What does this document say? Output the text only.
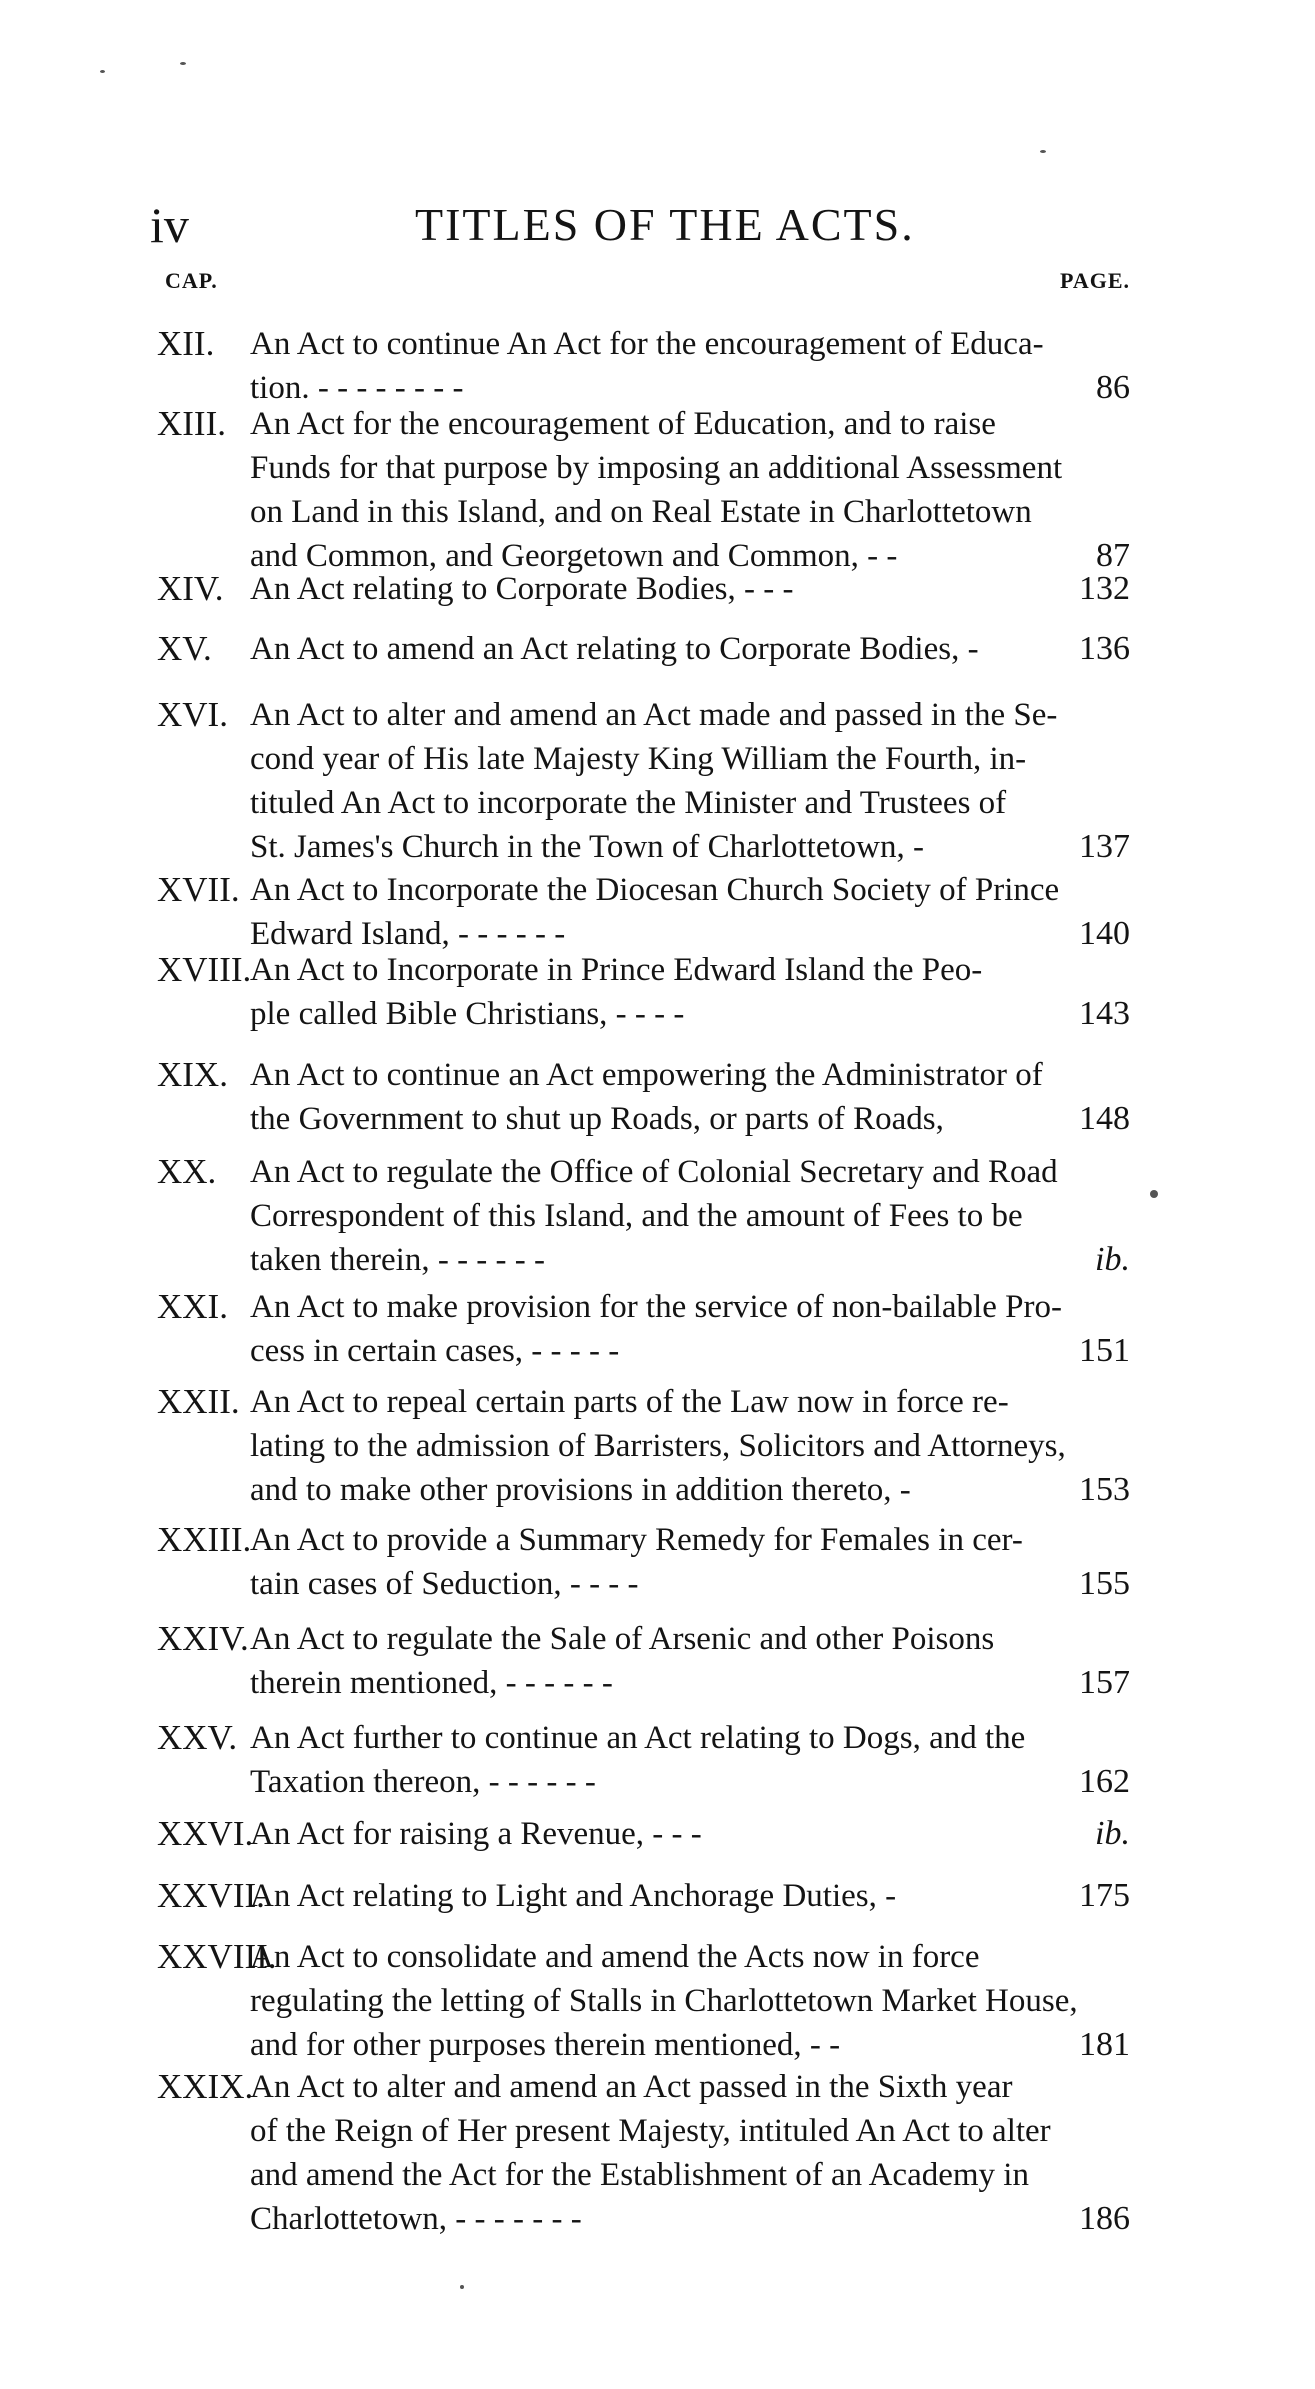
iv	TITLES OF THE ACTS.
CAP.	PAGE.
XII. An Act to continue An Act for the encouragement of Educa-
tion. - - - - - - - -	86
XIII. An Act for the encouragement of Education, and to raise
Funds for that purpose by imposing an additional Assessment
on Land in this Island, and on Real Estate in Charlottetown
and Common, and Georgetown and Common, - -	87
XIV. An Act relating to Corporate Bodies, - - -	132
XV. An Act to amend an Act relating to Corporate Bodies, -	136
XVI. An Act to alter and amend an Act made and passed in the Se-
cond year of His late Majesty King William the Fourth, in-
tituled An Act to incorporate the Minister and Trustees of
St. James's Church in the Town of Charlottetown, -	137
XVII. An Act to Incorporate the Diocesan Church Society of Prince
Edward Island, - - - - - -	140
XVIII.
An Act to Incorporate in Prince Edward Island the Peo-
ple called Bible Christians, - - - -	143
XIX. An Act to continue an Act empowering the Administrator of
the Government to shut up Roads, or parts of Roads,	148
XX. An Act to regulate the Office of Colonial Secretary and Road
Correspondent of this Island, and the amount of Fees to be
taken therein, - - - - - -	ib.
XXI. An Act to make provision for the service of non-bailable Pro-
cess in certain cases, - - - - -	151
XXII. An Act to repeal certain parts of the Law now in force re-
lating to the admission of Barristers, Solicitors and Attorneys,
and to make other provisions in addition thereto, -	153
XXIII.
An Act to provide a Summary Remedy for Females in cer-
tain cases of Seduction, - - - -	155
XXIV. An Act to regulate the Sale of Arsenic and other Poisons
therein mentioned, - - - - - -	157
XXV. An Act further to continue an Act relating to Dogs, and the
Taxation thereon, - - - - - -	162
XXVI.
An Act for raising a Revenue, - - -	ib.
XXVII.
An Act relating to Light and Anchorage Duties, -	175
XXVIII.
An Act to consolidate and amend the Acts now in force
regulating the letting of Stalls in Charlottetown Market House,
and for other purposes therein mentioned, - -	181
XXIX.
An Act to alter and amend an Act passed in the Sixth year
of the Reign of Her present Majesty, intituled An Act to alter
and amend the Act for the Establishment of an Academy in
Charlottetown, - - - - - - -	186
